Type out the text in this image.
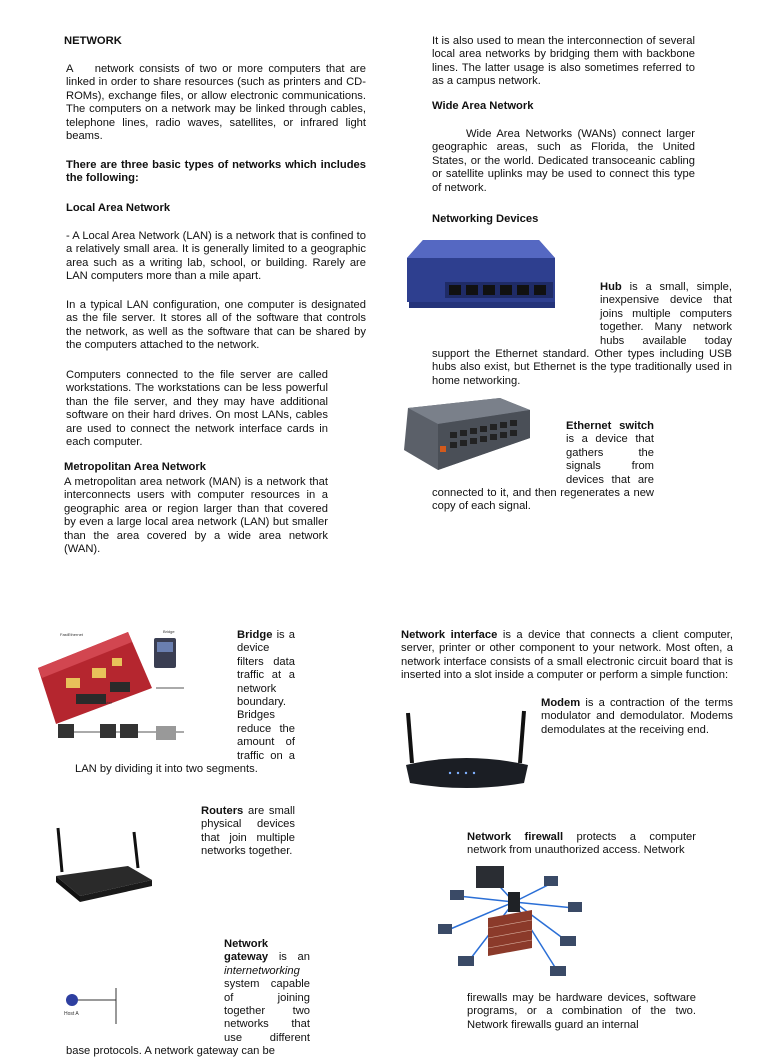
NETWORK

A network consists of two or more computers that are linked in order to share resources (such as printers and CD-ROMs), exchange files, or allow electronic communications. The computers on a network may be linked through cables, telephone lines, radio waves, satellites, or infrared light beams.

There are three basic types of networks which includes the following:
Local Area Network

- A Local Area Network (LAN) is a network that is confined to a relatively small area. It is generally limited to a geographic area such as a writing lab, school, or building. Rarely are LAN computers more than a mile apart.

In a typical LAN configuration, one computer is designated as the file server. It stores all of the software that controls the network, as well as the software that can be shared by the computers attached to the network.

Computers connected to the file server are called workstations. The workstations can be less powerful than the file server, and they may have additional software on their hard drives. On most LANs, cables are used to connect the network interface cards in each computer.

Metropolitan Area Network

A metropolitan area network (MAN) is a network that interconnects users with computer resources in a geographic area or region larger than that covered by even a large local area network (LAN) but smaller than the area covered by a wide area network (WAN).

It is also used to mean the interconnection of several local area networks by bridging them with backbone lines. The latter usage is also sometimes referred to as a campus network.

Wide Area Network

Wide Area Networks (WANs) connect larger geographic areas, such as Florida, the United States, or the world. Dedicated transoceanic cabling or satellite uplinks may be used to connect this type of network.

Networking Devices

Hub is a small, simple, inexpensive device that joins multiple computers together. Many network hubs available today support the Ethernet standard. Other types including USB hubs also exist, but Ethernet is the type traditionally used in home networking.

Ethernet switch is a device that gathers the signals from devices that are connected to it, and then regenerates a new copy of each signal.

FastEthernet
Router
Bridge	Bridge is a device filters data traffic at a network boundary. Bridges reduce the amount of traffic on a LAN by dividing it into two segments.

Routers are small physical devices that join multiple networks together.

Network gateway is an internetworking system capable of joining together two networks that use different base protocols. A network gateway can be

Host A

Network interface is a device that connects a client computer, server, printer or other component to your network. Most often, a network interface consists of a small electronic circuit board that is inserted into a slot inside a computer or perform a simple function:

Modem is a contraction of the terms modulator and demodulator. Modems demodulates at the receiving end.

Network firewall protects a computer network from unauthorized access. Network

firewalls may be hardware devices, software programs, or a combination of the two. Network firewalls guard an internal
